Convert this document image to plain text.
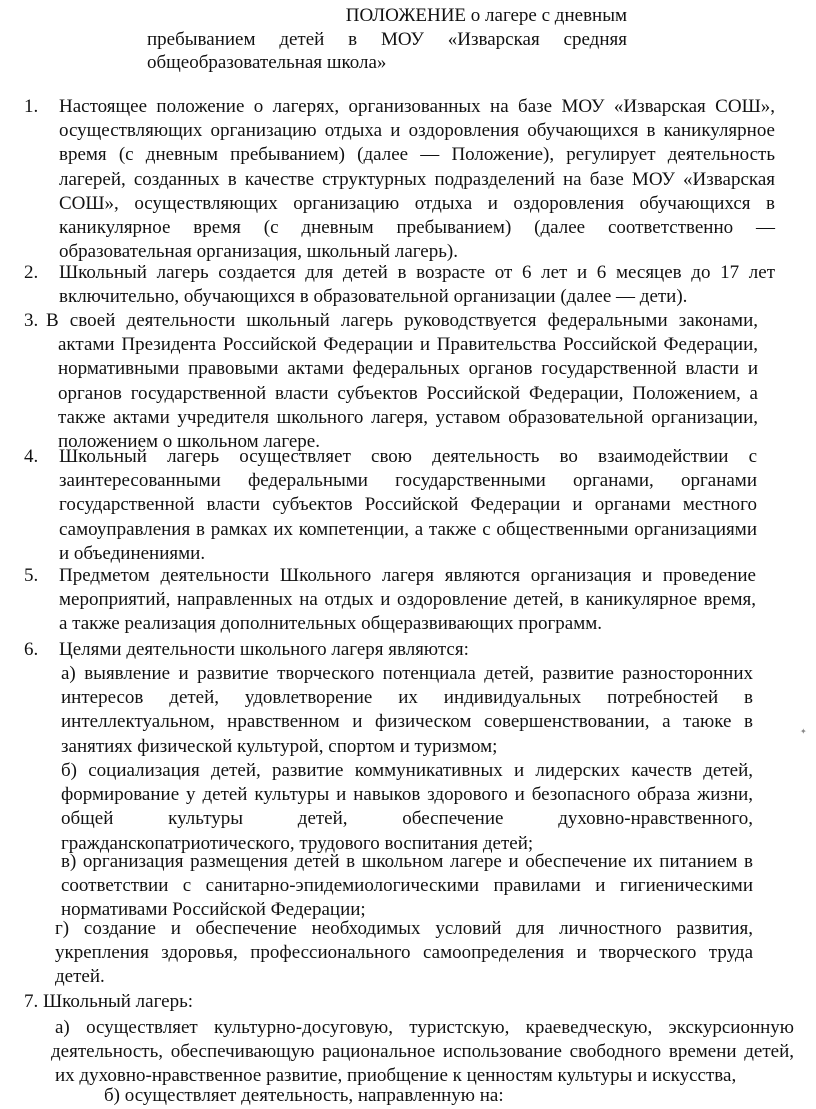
ПОЛОЖЕНИЕ о лагере с дневным
пребыванием детей в МОУ «Изварская средняя
общеобразовательная школа»
1. Настоящее положение о лагерях, организованных на базе МОУ «Изварская СОШ»,
осуществляющих организацию отдыха и оздоровления обучающихся в каникулярное
время (с дневным пребыванием) (далее — Положение), регулирует деятельность
лагерей, созданных в качестве структурных подразделений на базе МОУ «Изварская
СОШ», осуществляющих организацию отдыха и оздоровления обучающихся в
каникулярное время (с дневным пребыванием) (далее соответственно —
образовательная организация, школьный лагерь).
2. Школьный лагерь создается для детей в возрасте от 6 лет и 6 месяцев до 17 лет
включительно, обучающихся в образовательной организации (далее — дети).
3. В своей деятельности школьный лагерь руководствуется федеральными законами,
актами Президента Российской Федерации и Правительства Российской Федерации,
нормативными правовыми актами федеральных органов государственной власти и
органов государственной власти субъектов Российской Федерации, Положением, а
также актами учредителя школьного лагеря, уставом образовательной организации,
положением о школьном лагере.
4. Школьный лагерь осуществляет свою деятельность во взаимодействии с
заинтересованными федеральными государственными органами, органами
государственной власти субъектов Российской Федерации и органами местного
самоуправления в рамках их компетенции, а также с общественными организациями
и объединениями.
5. Предметом деятельности Школьного лагеря являются организация и проведение
мероприятий, направленных на отдых и оздоровление детей, в каникулярное время,
а также реализация дополнительных общеразвивающих программ.
6. Целями деятельности школьного лагеря являются:
а) выявление и развитие творческого потенциала детей, развитие разносторонних
интересов детей, удовлетворение их индивидуальных потребностей в
интеллектуальном, нравственном и физическом совершенствовании, а таюке в
занятиях физической культурой, спортом и туризмом;
б) социализация детей, развитие коммуникативных и лидерских качеств детей,
формирование у детей культуры и навыков здорового и безопасного образа жизни,
общей культуры детей, обеспечение духовно-нравственного,
гражданскопатриотического, трудового воспитания детей;
в) организация размещения детей в школьном лагере и обеспечение их питанием в
соответствии с санитарно-эпидемиологическими правилами и гигиеническими
нормативами Российской Федерации;
г) создание и обеспечение необходимых условий для личностного развития,
укрепления здоровья, профессионального самоопределения и творческого труда
детей.
7. Школьный лагерь:
а) осуществляет культурно-досуговую, туристскую, краеведческую, экскурсионную
деятельность, обеспечивающую рациональное использование свободного времени детей,
их духовно-нравственное развитие, приобщение к ценностям культуры и искусства,
б) осуществляет деятельность, направленную на:
✦
